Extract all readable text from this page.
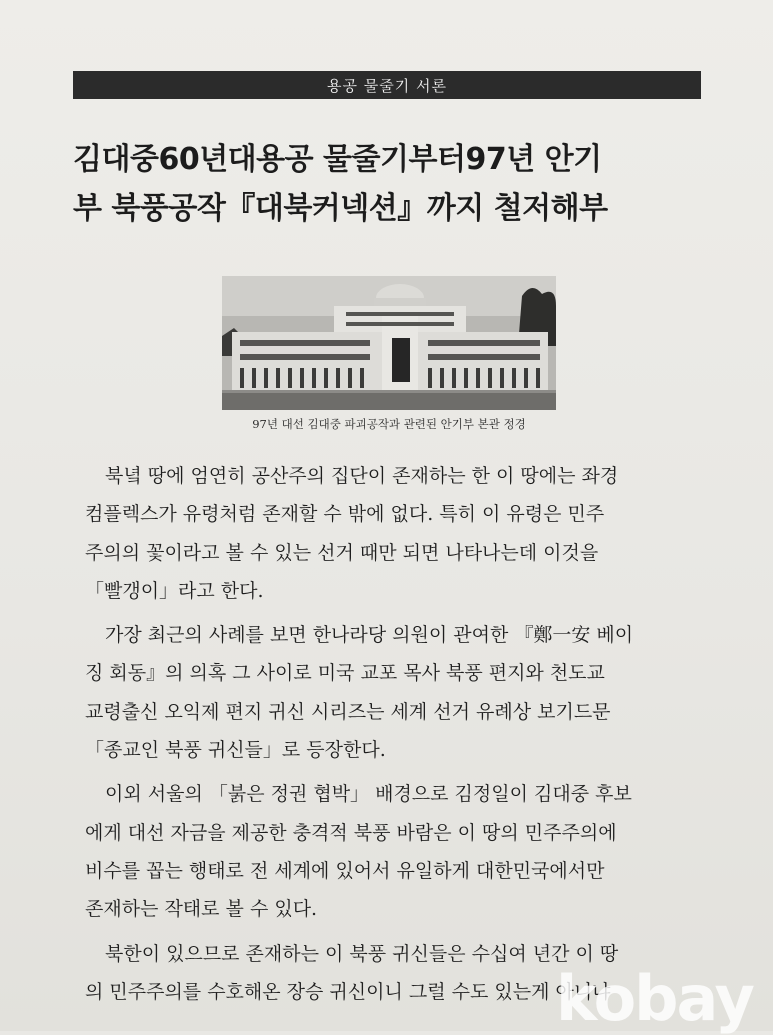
용공 물줄기 서론
김대중60년대용공 물줄기부터97년 안기
부 북풍공작『대북커넥션』까지 철저해부
97년 대선 김대중 파괴공작과 관련된 안기부 본관 정경

북녘 땅에 엄연히 공산주의 집단이 존재하는 한 이 땅에는 좌경
컴플렉스가 유령처럼 존재할 수 밖에 없다. 특히 이 유령은 민주
주의의 꽃이라고 볼 수 있는 선거 때만 되면 나타나는데 이것을
「빨갱이」라고 한다.

가장 최근의 사례를 보면 한나라당 의원이 관여한 『鄭一安 베이
징 회동』의 의혹 그 사이로 미국 교포 목사 북풍 편지와 천도교
교령출신 오익제 편지 귀신 시리즈는 세계 선거 유례상 보기드문
「종교인 북풍 귀신들」로 등장한다.

이외 서울의 「붉은 정권 협박」 배경으로 김정일이 김대중 후보
에게 대선 자금을 제공한 충격적 북풍 바람은 이 땅의 민주주의에
비수를 꼽는 행태로 전 세계에 있어서 유일하게 대한민국에서만
존재하는 작태로 볼 수 있다.

북한이 있으므로 존재하는 이 북풍 귀신들은 수십여 년간 이 땅
의 민주주의를 수호해온 장승 귀신이니 그럴 수도 있는게 아니냐

kobay
